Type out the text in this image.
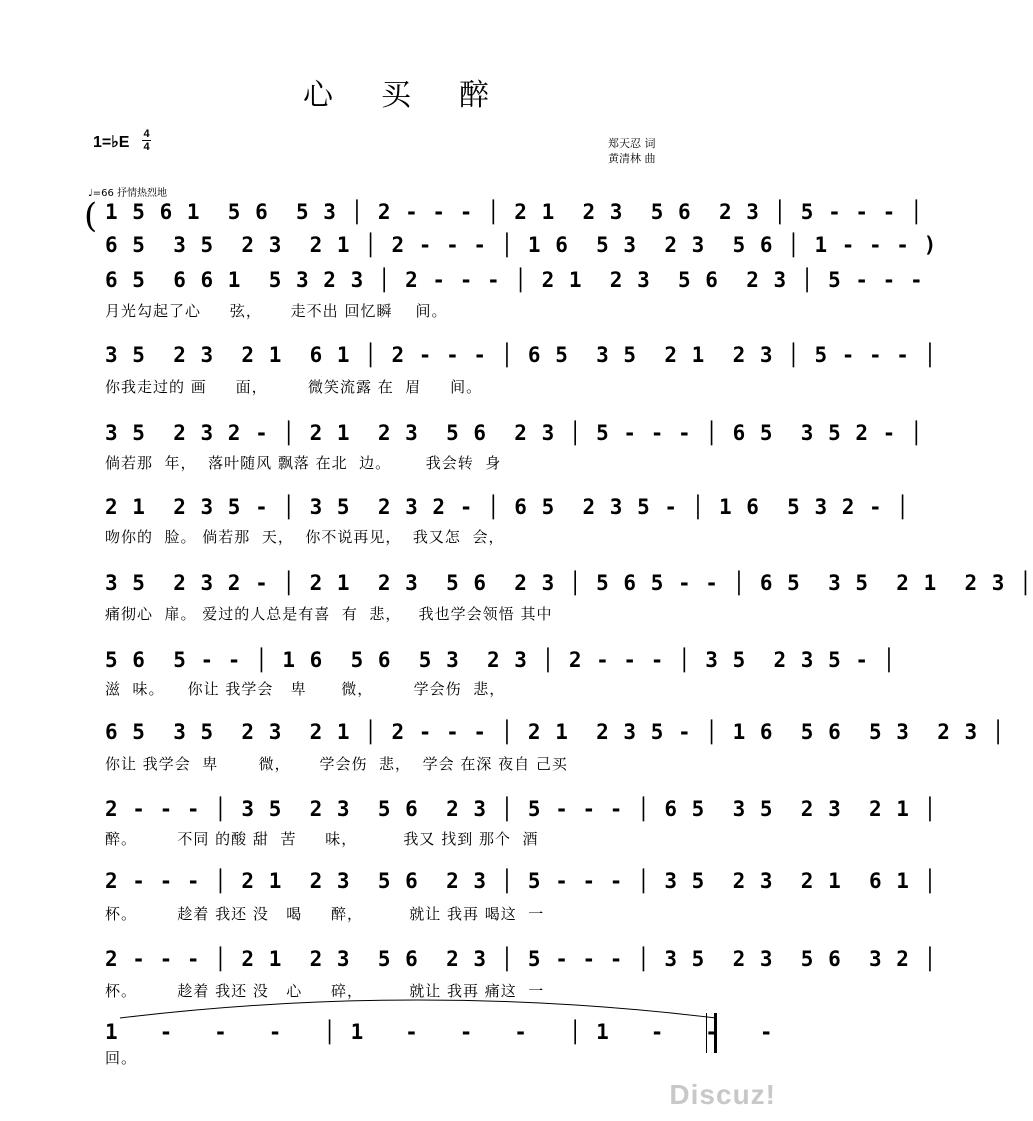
心买醉
1=♭E 4
4	郑天忍 词
黄清林 曲
♩=66 抒情热烈地
( 1 5 6 1  5 6  5 3 │ 2 - - - │ 2 1  2 3  5 6  2 3 │ 5 - - - │
6 5  3 5  2 3  2 1 │ 2 - - - │ 1 6  5 3  2 3  5 6 │ 1 - - - )
6 5  6 6 1  5 3 2 3 │ 2 - - - │ 2 1  2 3  5 6  2 3 │ 5 - - -
月光勾起了心     弦，     走不出 回忆瞬    间。
3 5  2 3  2 1  6 1 │ 2 - - - │ 6 5  3 5  2 1  2 3 │ 5 - - - │
你我走过的 画     面，       微笑流露 在  眉     间。
3 5  2 3 2 - │ 2 1  2 3  5 6  2 3 │ 5 - - - │ 6 5  3 5 2 - │
倘若那  年，  落叶随风 飘落 在北  边。      我会转  身
2 1  2 3 5 - │ 3 5  2 3 2 - │ 6 5  2 3 5 - │ 1 6  5 3 2 - │
吻你的  脸。 倘若那  天，  你不说再见，  我又怎  会，
3 5  2 3 2 - │ 2 1  2 3  5 6  2 3 │ 5 6 5 - - │ 6 5  3 5  2 1  2 3 │
痛彻心  扉。 爱过的人总是有喜  有  悲，   我也学会领悟 其中
5 6  5 - - │ 1 6  5 6  5 3  2 3 │ 2 - - - │ 3 5  2 3 5 - │
滋  味。    你让 我学会   卑      微，       学会伤  悲，
6 5  3 5  2 3  2 1 │ 2 - - - │ 2 1  2 3 5 - │ 1 6  5 6  5 3  2 3 │
你让 我学会  卑       微，     学会伤  悲，  学会 在深 夜自 己买
2 - - - │ 3 5  2 3  5 6  2 3 │ 5 - - - │ 6 5  3 5  2 3  2 1 │
醉。       不同 的酸 甜  苦     味，        我又 找到 那个  酒
2 - - - │ 2 1  2 3  5 6  2 3 │ 5 - - - │ 3 5  2 3  2 1  6 1 │
杯。       趁着 我还 没   喝     醉，        就让 我再 喝这  一
2 - - - │ 2 1  2 3  5 6  2 3 │ 5 - - - │ 3 5  2 3  5 6  3 2 │
杯。       趁着 我还 没   心     碎，        就让 我再 痛这  一
1   -   -   -   │ 1   -   -   -   │ 1   -   -   -
回。
Discuz!
